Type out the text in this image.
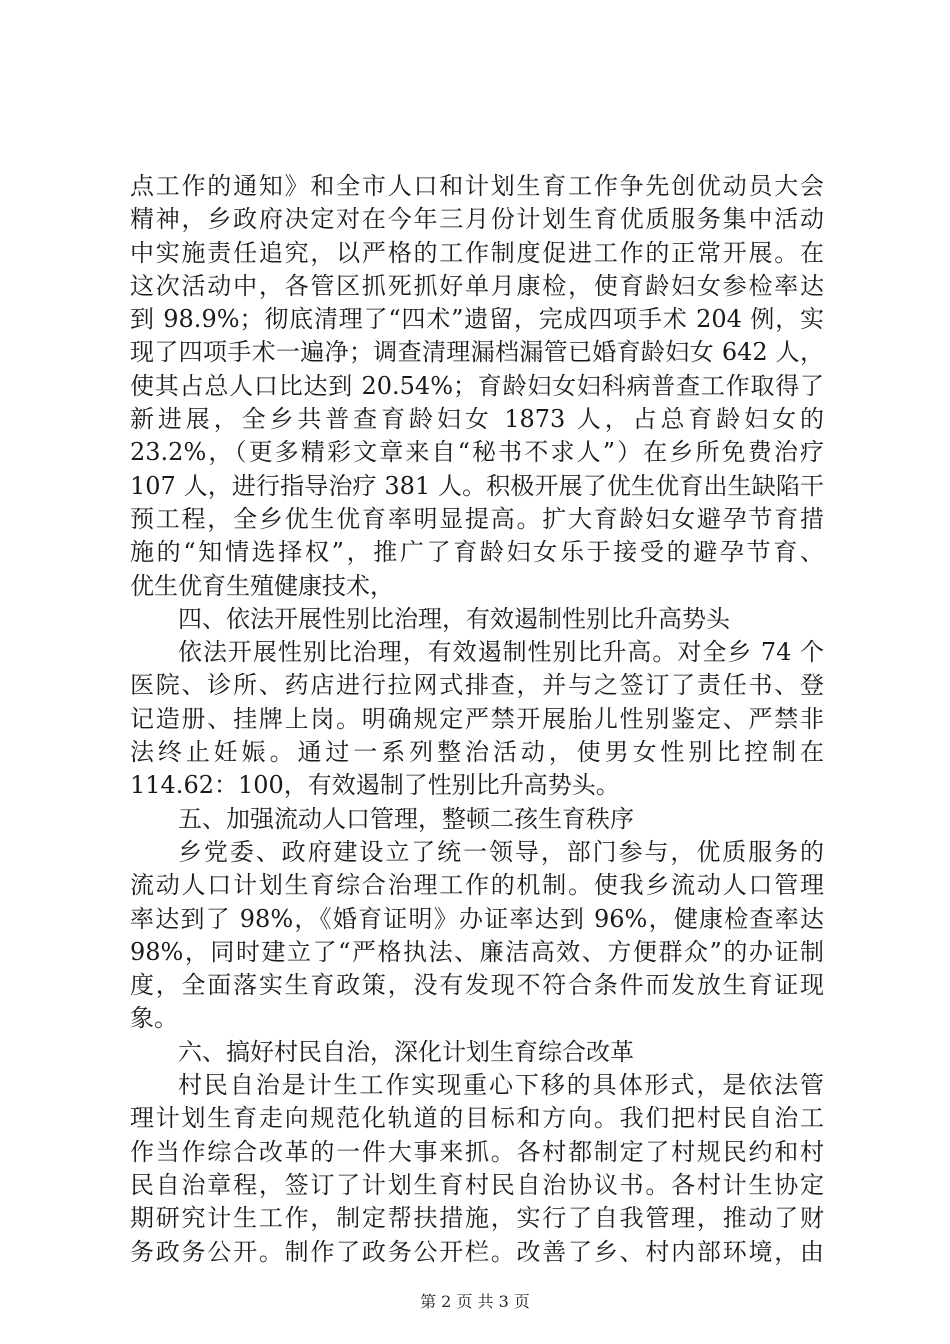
点工作的通知》和全市人口和计划生育工作争先创优动员大会
精神，乡政府决定对在今年三月份计划生育优质服务集中活动
中实施责任追究，以严格的工作制度促进工作的正常开展。在
这次活动中，各管区抓死抓好单月康检，使育龄妇女参检率达
到 98.9%；彻底清理了“四术”遗留，完成四项手术 204 例，实
现了四项手术一遍净；调查清理漏档漏管已婚育龄妇女 642 人，
使其占总人口比达到 20.54%；育龄妇女妇科病普查工作取得了
新进展，全乡共普查育龄妇女 1873 人，占总育龄妇女的
23.2%，（更多精彩文章来自“秘书不求人”）在乡所免费治疗
107 人，进行指导治疗 381 人。积极开展了优生优育出生缺陷干
预工程，全乡优生优育率明显提高。扩大育龄妇女避孕节育措
施的“知情选择权”，推广了育龄妇女乐于接受的避孕节育、
优生优育生殖健康技术，
四、依法开展性别比治理，有效遏制性别比升高势头
依法开展性别比治理，有效遏制性别比升高。对全乡 74 个
医院、诊所、药店进行拉网式排查，并与之签订了责任书、登
记造册、挂牌上岗。明确规定严禁开展胎儿性别鉴定、严禁非
法终止妊娠。通过一系列整治活动，使男女性别比控制在
114.62：100，有效遏制了性别比升高势头。
五、加强流动人口管理，整顿二孩生育秩序
乡党委、政府建设立了统一领导，部门参与，优质服务的
流动人口计划生育综合治理工作的机制。使我乡流动人口管理
率达到了 98%，《婚育证明》办证率达到 96%，健康检查率达
98%，同时建立了“严格执法、廉洁高效、方便群众”的办证制
度，全面落实生育政策，没有发现不符合条件而发放生育证现
象。
六、搞好村民自治，深化计划生育综合改革
村民自治是计生工作实现重心下移的具体形式，是依法管
理计划生育走向规范化轨道的目标和方向。我们把村民自治工
作当作综合改革的一件大事来抓。各村都制定了村规民约和村
民自治章程，签订了计划生育村民自治协议书。各村计生协定
期研究计生工作，制定帮扶措施，实行了自我管理，推动了财
务政务公开。制作了政务公开栏。改善了乡、村内部环境，由
第 2 页 共 3 页
